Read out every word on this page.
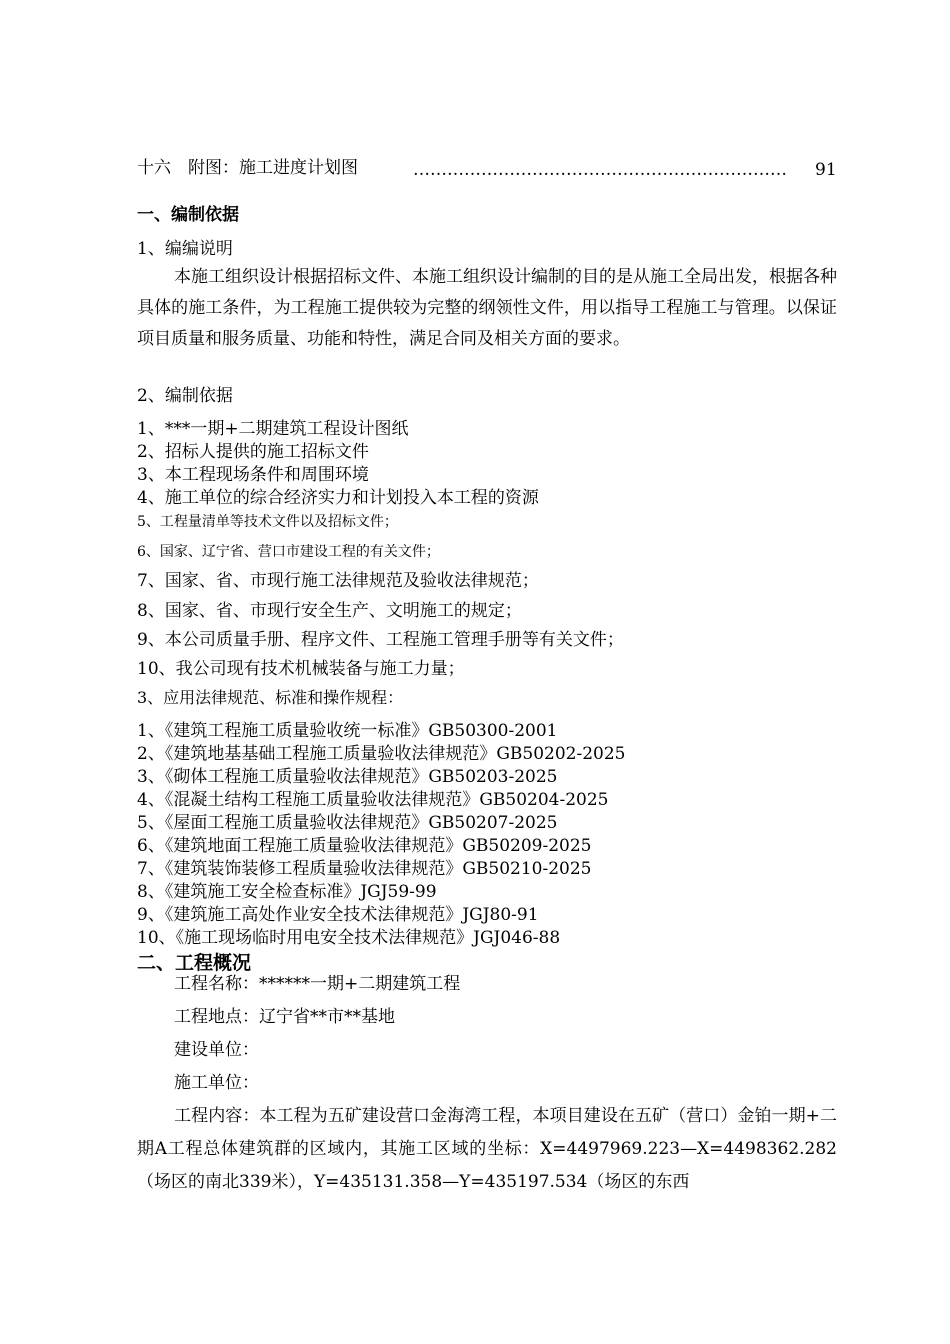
十六　附图：施工进度计划图	………………………………………………………… 91
一、编制依据
1、编编说明
本施工组织设计根据招标文件、本施工组织设计编制的目的是从施工全局出发，根据各种具体的施工条件，为工程施工提供较为完整的纲领性文件，用以指导工程施工与管理。以保证项目质量和服务质量、功能和特性，满足合同及相关方面的要求。
2、编制依据
1、***一期+二期建筑工程设计图纸
2、招标人提供的施工招标文件
3、本工程现场条件和周围环境
4、施工单位的综合经济实力和计划投入本工程的资源
5、工程量清单等技术文件以及招标文件；
6、国家、辽宁省、营口市建设工程的有关文件；
7、国家、省、市现行施工法律规范及验收法律规范；
8、国家、省、市现行安全生产、文明施工的规定；
9、本公司质量手册、程序文件、工程施工管理手册等有关文件；
10、我公司现有技术机械装备与施工力量；
3、应用法律规范、标准和操作规程：
1、《建筑工程施工质量验收统一标准》GB50300-2001
2、《建筑地基基础工程施工质量验收法律规范》GB50202-2025
3、《砌体工程施工质量验收法律规范》GB50203-2025
4、《混凝土结构工程施工质量验收法律规范》GB50204-2025
5、《屋面工程施工质量验收法律规范》GB50207-2025
6、《建筑地面工程施工质量验收法律规范》GB50209-2025
7、《建筑装饰装修工程质量验收法律规范》GB50210-2025
8、《建筑施工安全检查标准》JGJ59-99
9、《建筑施工高处作业安全技术法律规范》JGJ80-91
10、《施工现场临时用电安全技术法律规范》JGJ046-88
二、工程概况
工程名称：******一期+二期建筑工程
工程地点：辽宁省**市**基地
建设单位：
施工单位：
工程内容：本工程为五矿建设营口金海湾工程，本项目建设在五矿（营口）金铂一期+二期A工程总体建筑群的区域内，其施工区域的坐标：X=4497969.223—X=4498362.282（场区的南北339米），Y=435131.358—Y=435197.534（场区的东西
